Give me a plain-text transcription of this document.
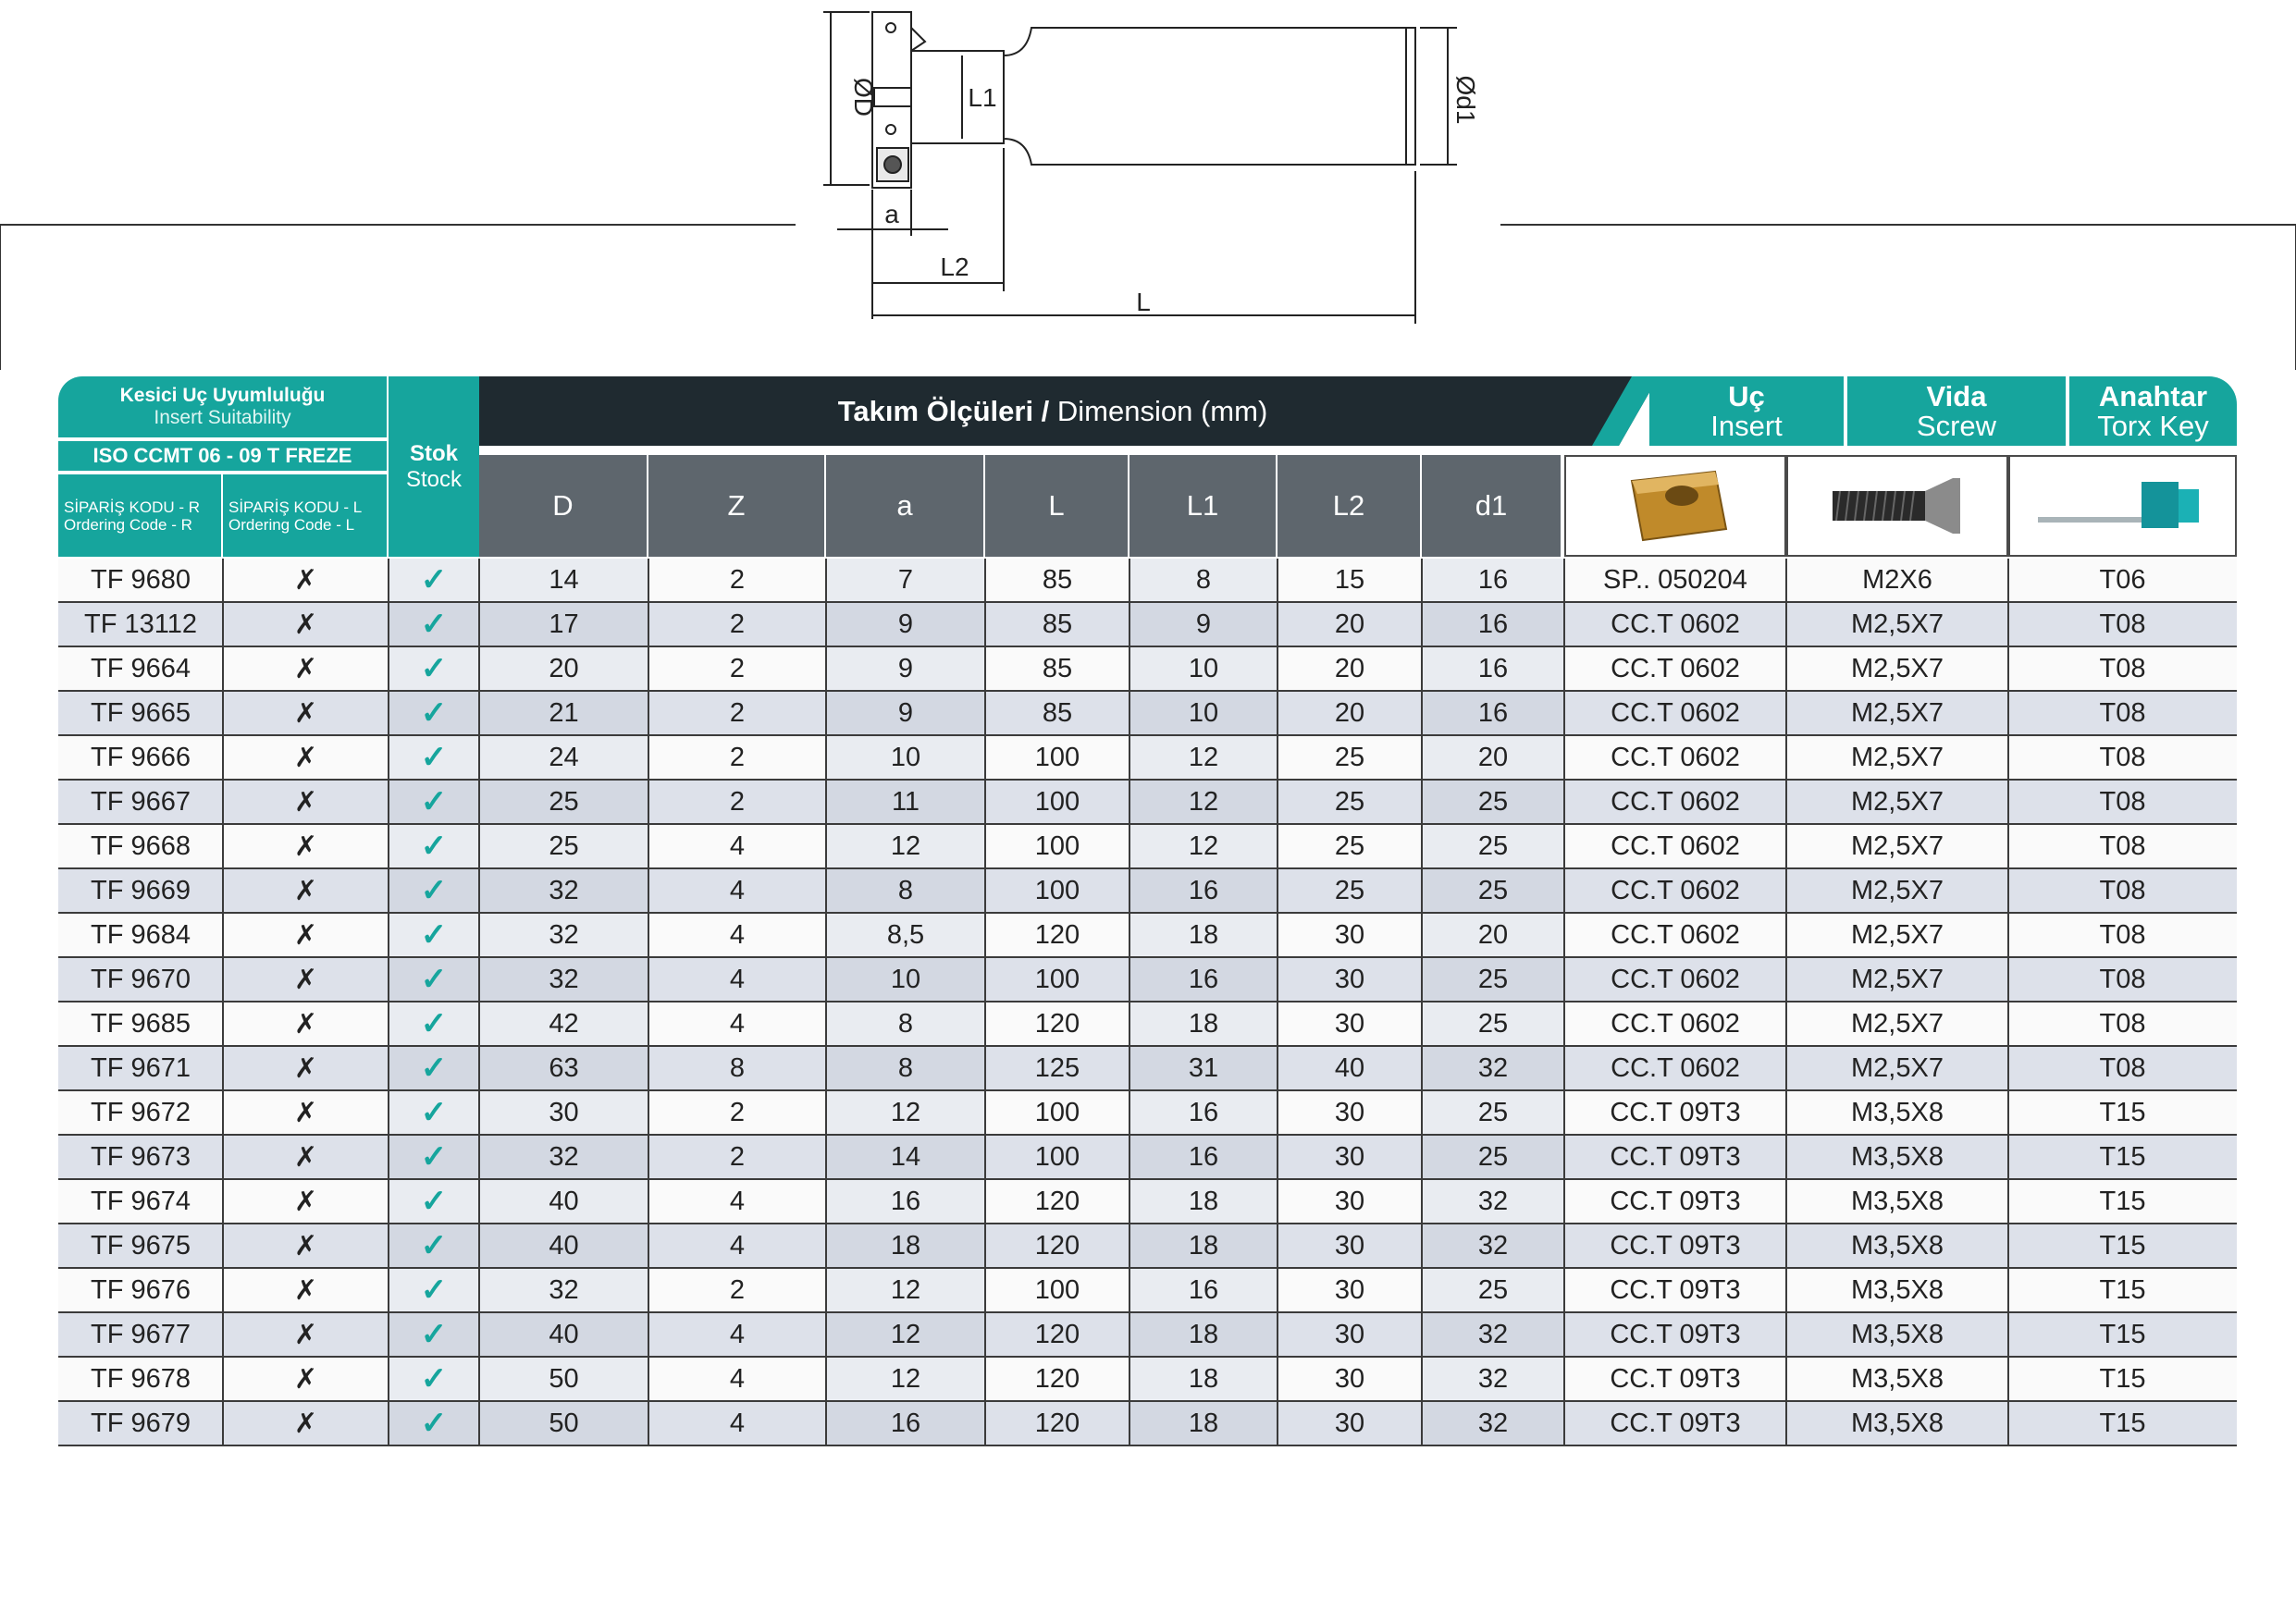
ØD	L1	Ød1
a
L2
L
Kesici Uç Uyumluluğu
Insert Suitability
ISO CCMT 06 - 09 T FREZE
SİPARİŞ KODU - R
Ordering Code - R
SİPARİŞ KODU - L
Ordering Code - L
Stok
Stock
Takım Ölçüleri / Dimension (mm)	Uç
Insert
Vida
Screw
Anahtar
Torx Key
D	Z	a	L	L1	L2	d1
TF 9680	✗	✓	14	2	7	85	8	15	16	SP.. 050204	M2X6	T06
TF 13112	✗	✓	17	2	9	85	9	20	16	CC.T 0602	M2,5X7	T08
TF 9664	✗	✓	20	2	9	85	10	20	16	CC.T 0602	M2,5X7	T08
TF 9665	✗	✓	21	2	9	85	10	20	16	CC.T 0602	M2,5X7	T08
TF 9666	✗	✓	24	2	10	100	12	25	20	CC.T 0602	M2,5X7	T08
TF 9667	✗	✓	25	2	11	100	12	25	25	CC.T 0602	M2,5X7	T08
TF 9668	✗	✓	25	4	12	100	12	25	25	CC.T 0602	M2,5X7	T08
TF 9669	✗	✓	32	4	8	100	16	25	25	CC.T 0602	M2,5X7	T08
TF 9684	✗	✓	32	4	8,5	120	18	30	20	CC.T 0602	M2,5X7	T08
TF 9670	✗	✓	32	4	10	100	16	30	25	CC.T 0602	M2,5X7	T08
TF 9685	✗	✓	42	4	8	120	18	30	25	CC.T 0602	M2,5X7	T08
TF 9671	✗	✓	63	8	8	125	31	40	32	CC.T 0602	M2,5X7	T08
TF 9672	✗	✓	30	2	12	100	16	30	25	CC.T 09T3	M3,5X8	T15
TF 9673	✗	✓	32	2	14	100	16	30	25	CC.T 09T3	M3,5X8	T15
TF 9674	✗	✓	40	4	16	120	18	30	32	CC.T 09T3	M3,5X8	T15
TF 9675	✗	✓	40	4	18	120	18	30	32	CC.T 09T3	M3,5X8	T15
TF 9676	✗	✓	32	2	12	100	16	30	25	CC.T 09T3	M3,5X8	T15
TF 9677	✗	✓	40	4	12	120	18	30	32	CC.T 09T3	M3,5X8	T15
TF 9678	✗	✓	50	4	12	120	18	30	32	CC.T 09T3	M3,5X8	T15
TF 9679	✗	✓	50	4	16	120	18	30	32	CC.T 09T3	M3,5X8	T15
